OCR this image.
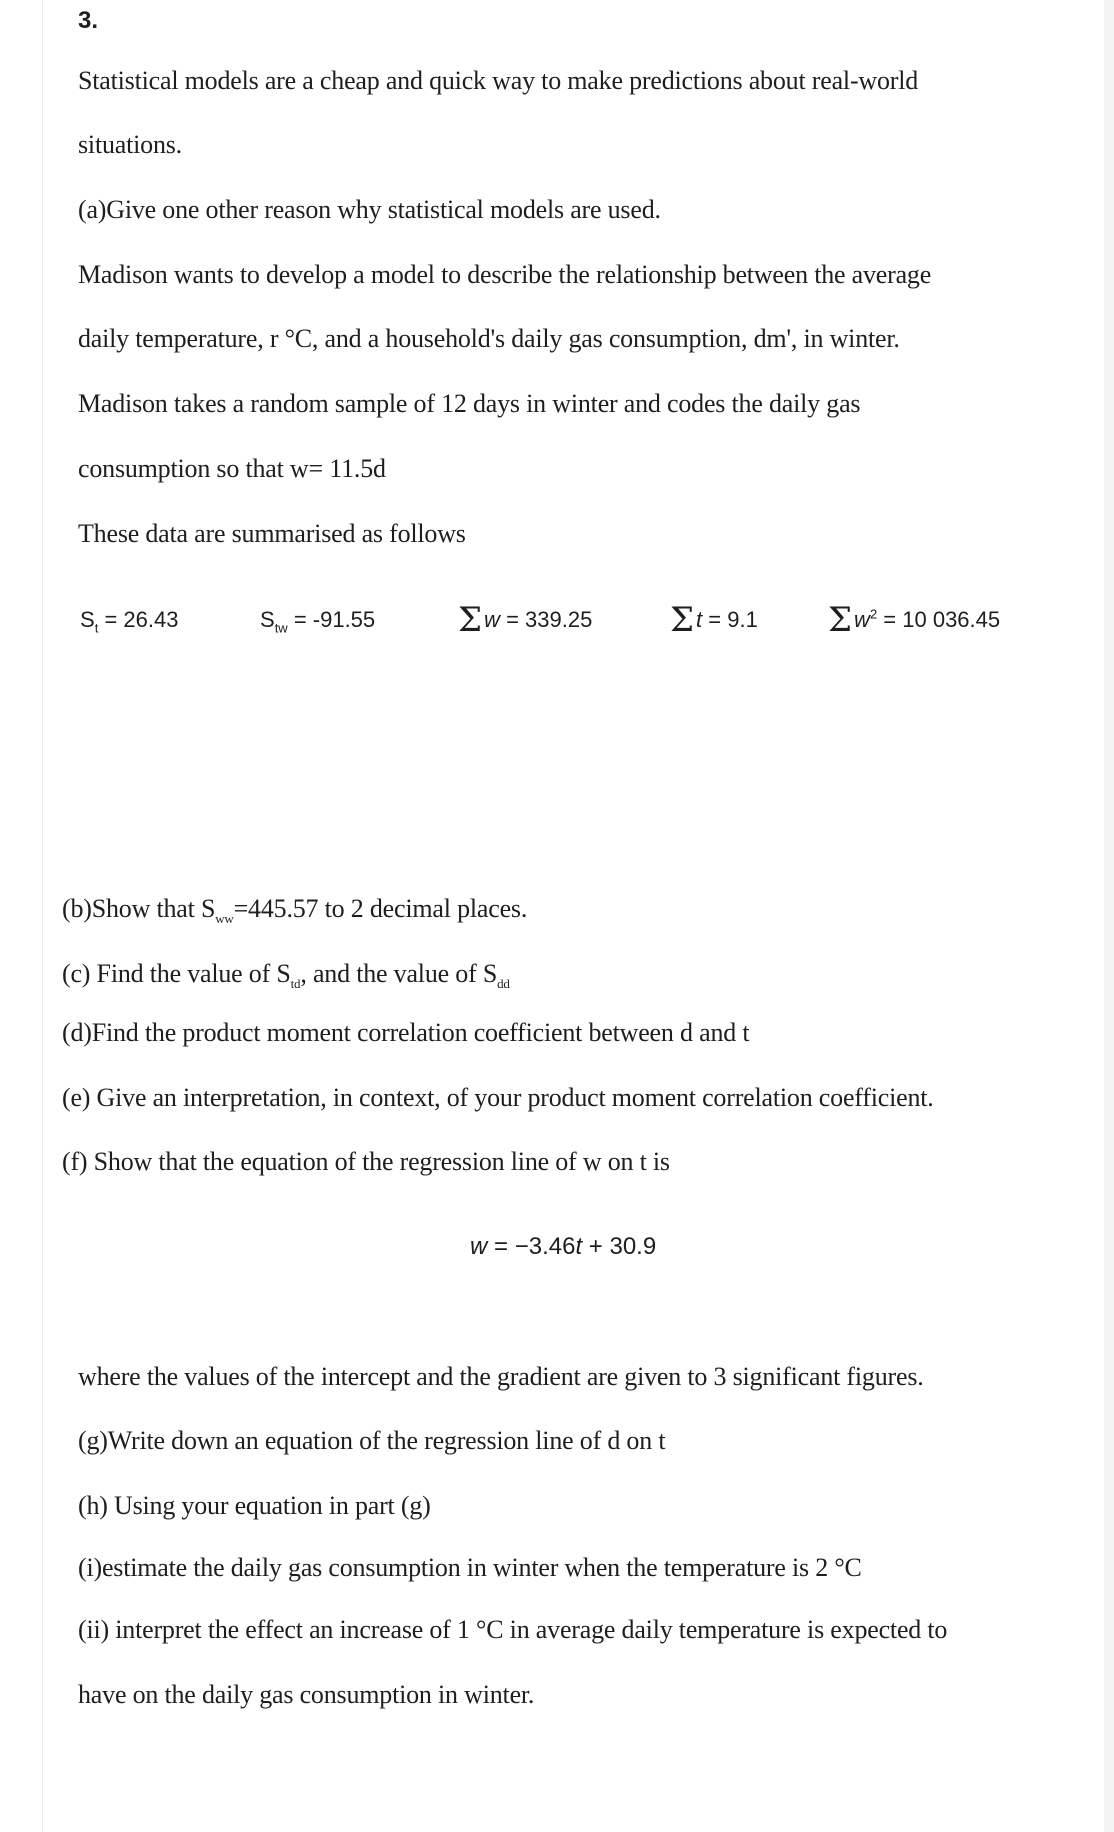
3.
Statistical models are a cheap and quick way to make predictions about real-world
situations.
(a)Give one other reason why statistical models are used.
Madison wants to develop a model to describe the relationship between the average
daily temperature, r °C, and a household's daily gas consumption, dm', in winter.
Madison takes a random sample of 12 days in winter and codes the daily gas
consumption so that w= 11.5d
These data are summarised as follows
$S_t = 26.43$	$S_{tw} = -91.55$ Σw = 339.25 Σt = 9.1 $\Sigma w^2 = 10$ 036.45
(b)Show that $S_{ww}=445.57$ to 2 decimal places.
(c) Find the value of $S_{td}$, and the value of $S_{dd}$
(d)Find the product moment correlation coefficient between d and t
(e) Give an interpretation, in context, of your product moment correlation coefficient.
(f) Show that the equation of the regression line of w on t is
w = −3.46t + 30.9
where the values of the intercept and the gradient are given to 3 significant figures.
(g)Write down an equation of the regression line of d on t
(h) Using your equation in part (g)
(i)estimate the daily gas consumption in winter when the temperature is 2 °C
(ii) interpret the effect an increase of 1 °C in average daily temperature is expected to
have on the daily gas consumption in winter.
